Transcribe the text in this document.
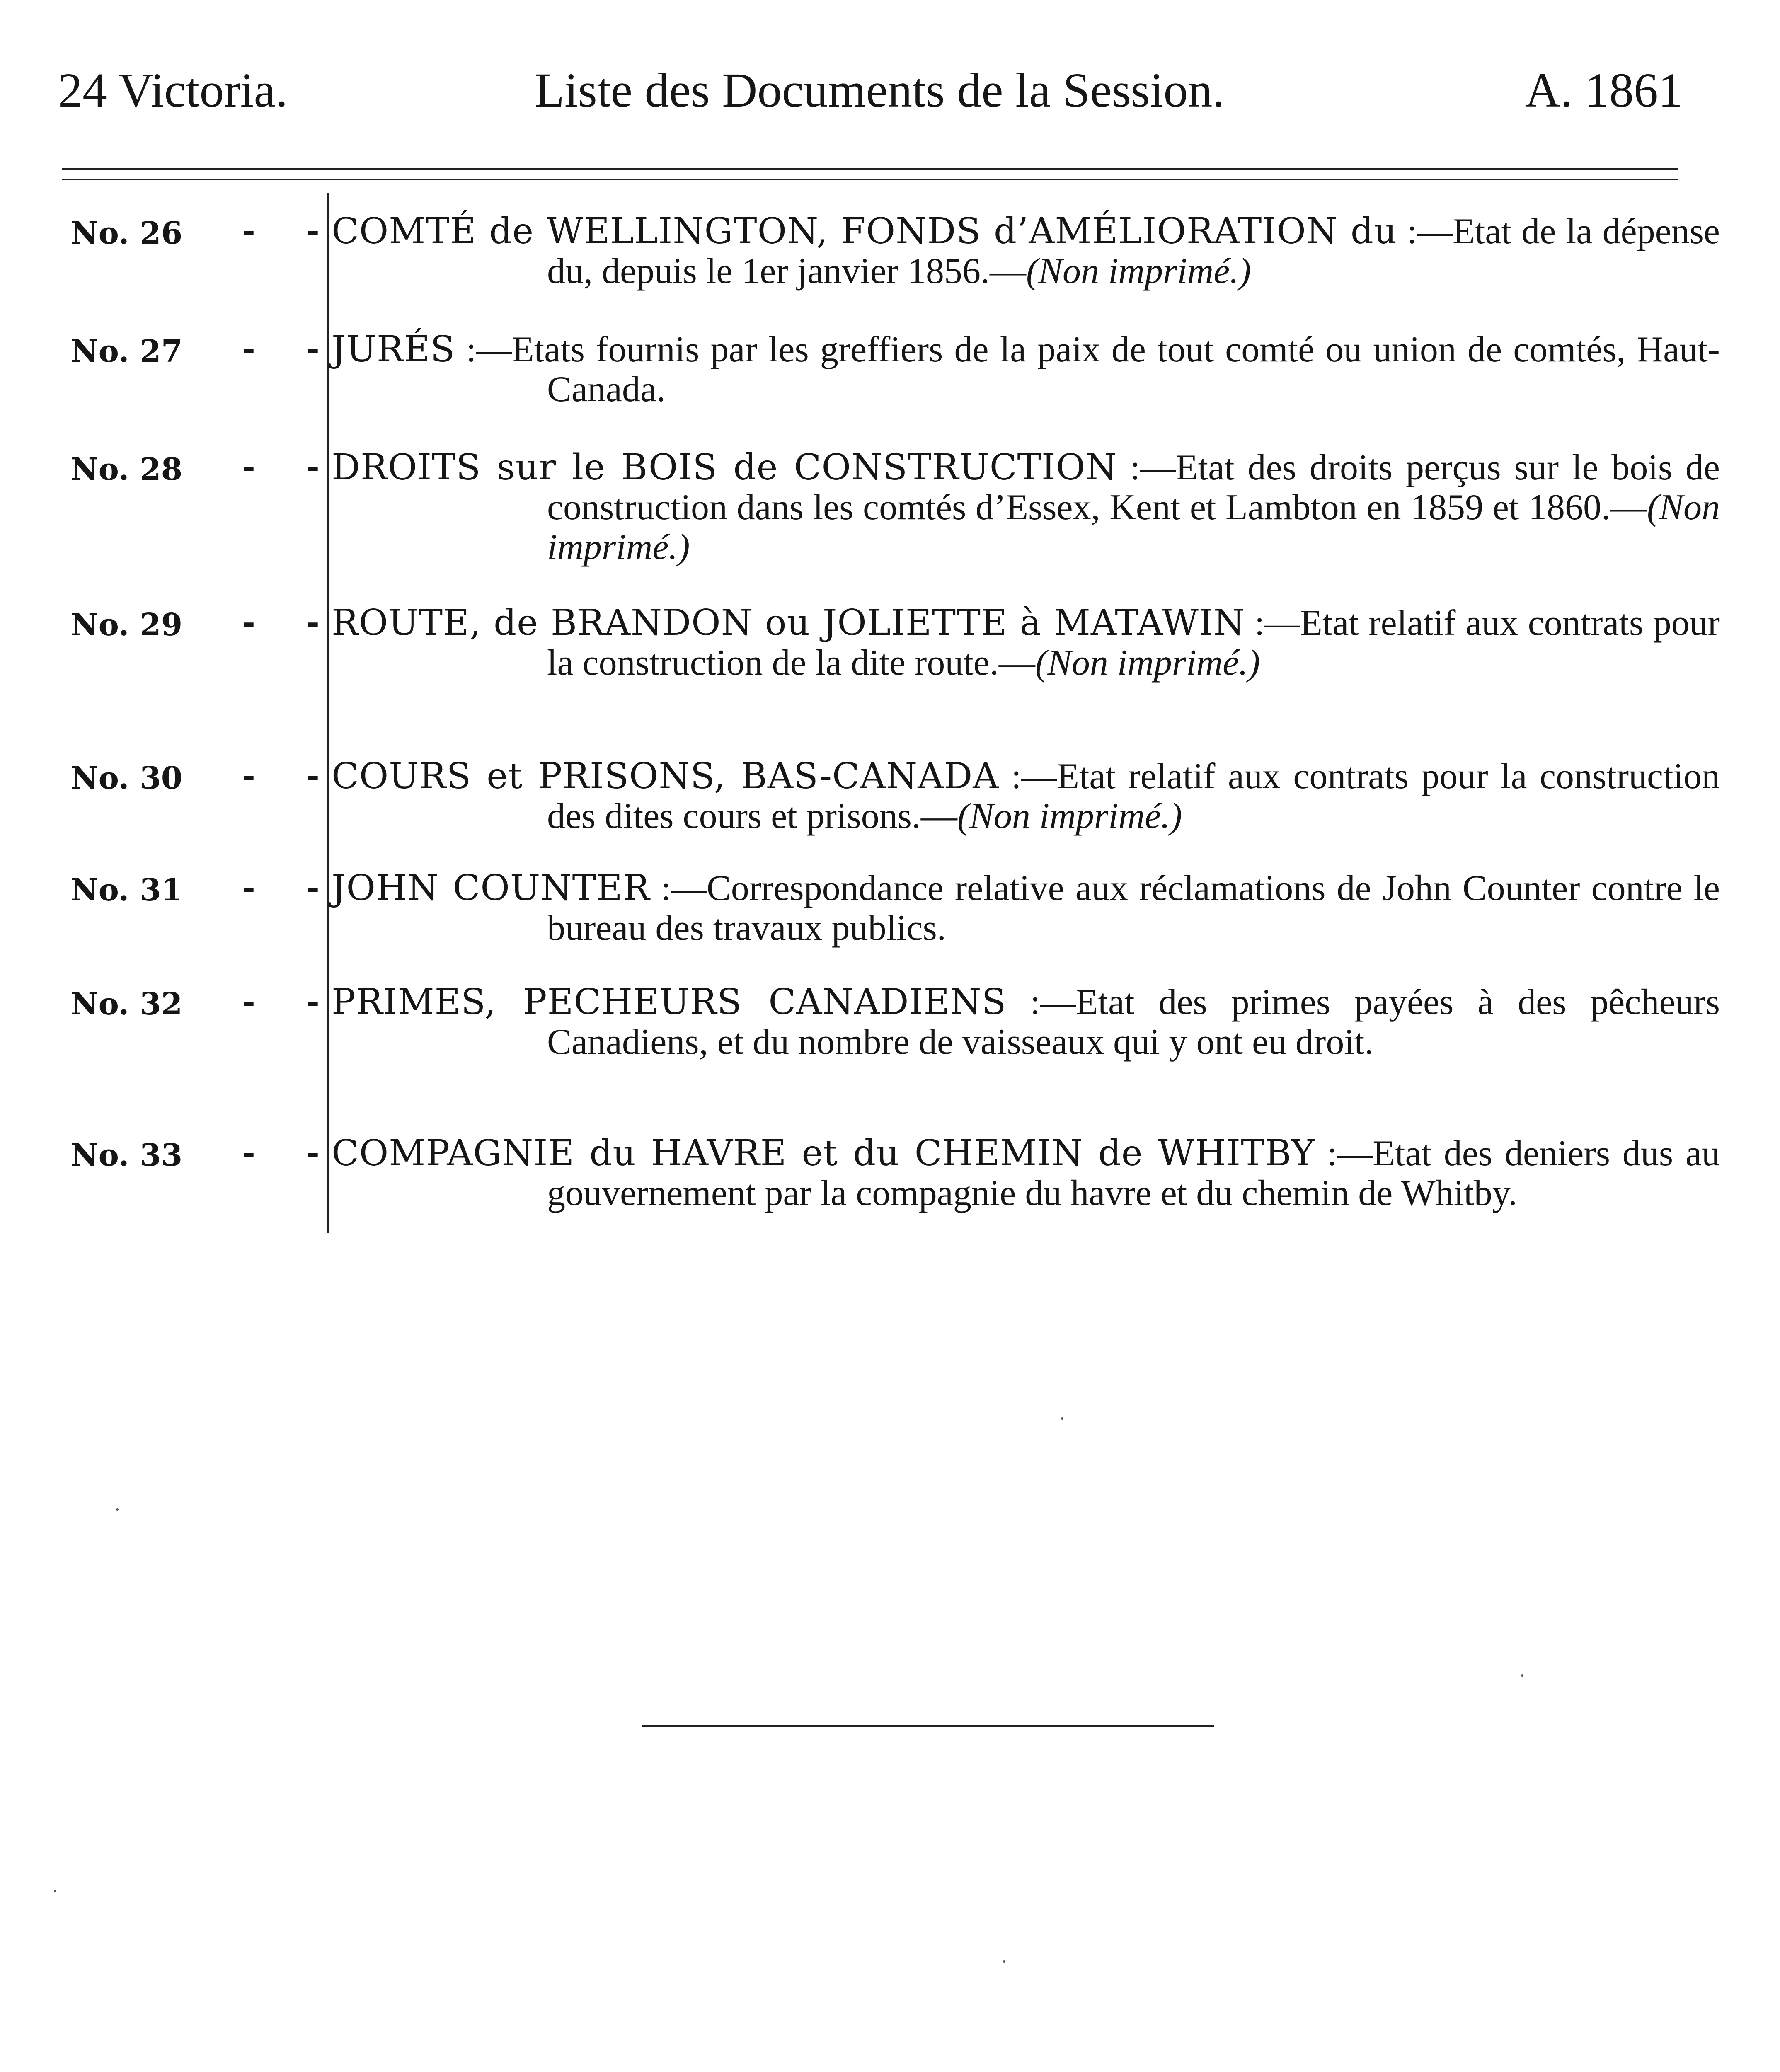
24 Victoria.	Liste des Documents de la Session.	A. 1861
No. 26 - - COMTÉ de WELLINGTON, FONDS d’AMÉLIORATION du :—Etat de la dépense du, depuis le 1er janvier 1856.—(Non imprimé.)
No. 27 - - JURÉS :—Etats fournis par les greffiers de la paix de tout comté ou union de comtés, Haut-Canada.
No. 28 - - DROITS sur le BOIS de CONSTRUCTION :—Etat des droits perçus sur le bois de construction dans les comtés d’Essex, Kent et Lambton en 1859 et 1860.—(Non imprimé.)
No. 29 - - ROUTE, de BRANDON ou JOLIETTE à MATAWIN :—Etat relatif aux contrats pour la construction de la dite route.—(Non imprimé.)
No. 30 - - COURS et PRISONS, BAS-CANADA :—Etat relatif aux contrats pour la construction des dites cours et prisons.—(Non imprimé.)
No. 31 - - JOHN COUNTER :—Correspondance relative aux réclamations de John Counter contre le bureau des travaux publics.
No. 32 - - PRIMES, PECHEURS CANADIENS :—Etat des primes payées à des pêcheurs Canadiens, et du nombre de vaisseaux qui y ont eu droit.
No. 33 - - COMPAGNIE du HAVRE et du CHEMIN de WHITBY :—Etat des deniers dus au gouvernement par la compagnie du havre et du chemin de Whitby.
